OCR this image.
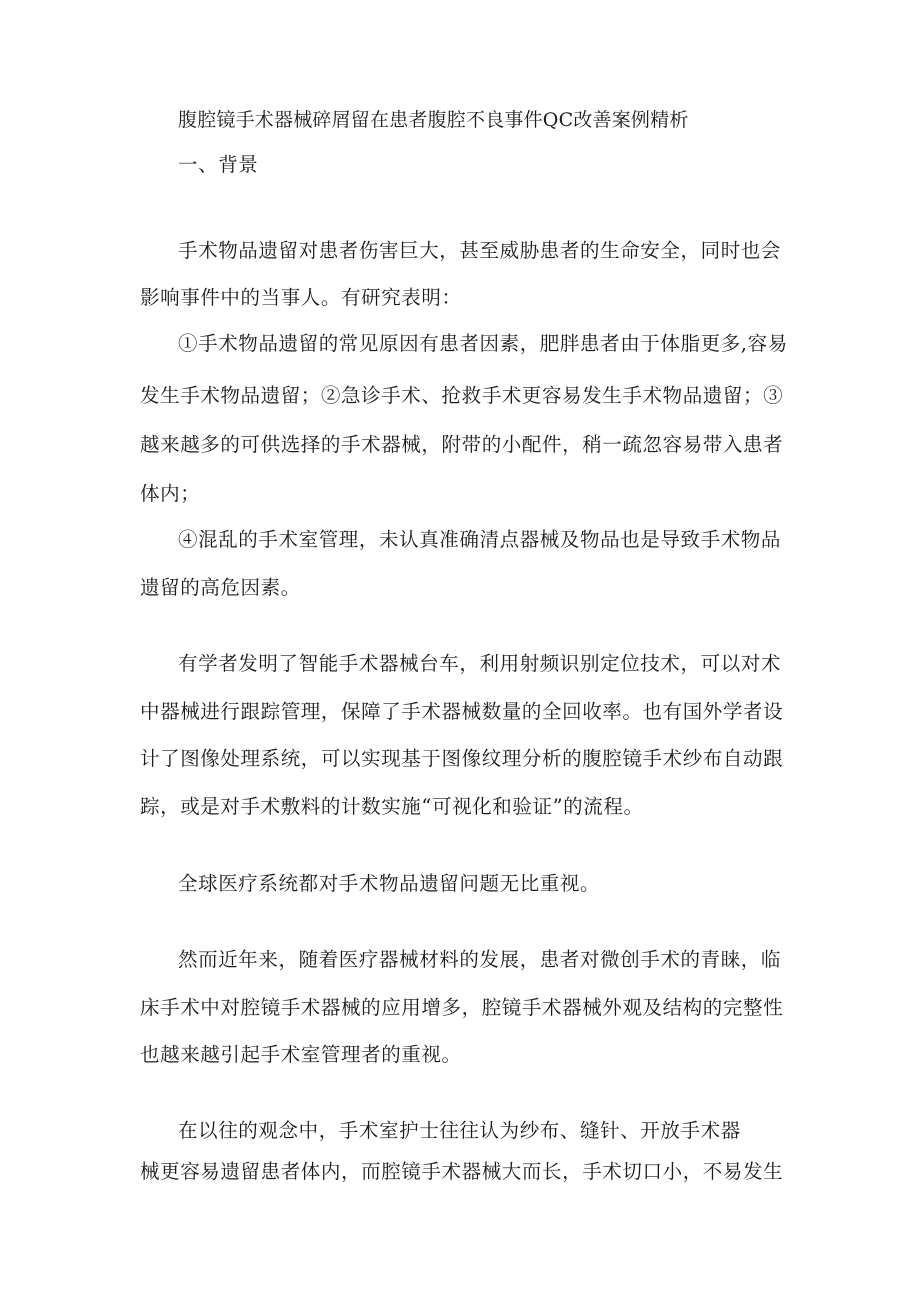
腹腔镜手术器械碎屑留在患者腹腔不良事件QC改善案例精析
一、背景
手术物品遗留对患者伤害巨大，甚至威胁患者的生命安全，同时也会
影响事件中的当事人。有研究表明：
①手术物品遗留的常见原因有患者因素，肥胖患者由于体脂更多,容易
发生手术物品遗留；②急诊手术、抢救手术更容易发生手术物品遗留；③
越来越多的可供选择的手术器械，附带的小配件，稍一疏忽容易带入患者
体内；
④混乱的手术室管理，未认真准确清点器械及物品也是导致手术物品
遗留的高危因素。
有学者发明了智能手术器械台车，利用射频识别定位技术，可以对术
中器械进行跟踪管理，保障了手术器械数量的全回收率。也有国外学者设
计了图像处理系统，可以实现基于图像纹理分析的腹腔镜手术纱布自动跟
踪，或是对手术敷料的计数实施“可视化和验证”的流程。
全球医疗系统都对手术物品遗留问题无比重视。
然而近年来，随着医疗器械材料的发展，患者对微创手术的青睐，临
床手术中对腔镜手术器械的应用增多，腔镜手术器械外观及结构的完整性
也越来越引起手术室管理者的重视。
在以往的观念中，手术室护士往往认为纱布、缝针、开放手术器
械更容易遗留患者体内，而腔镜手术器械大而长，手术切口小，不易发生
